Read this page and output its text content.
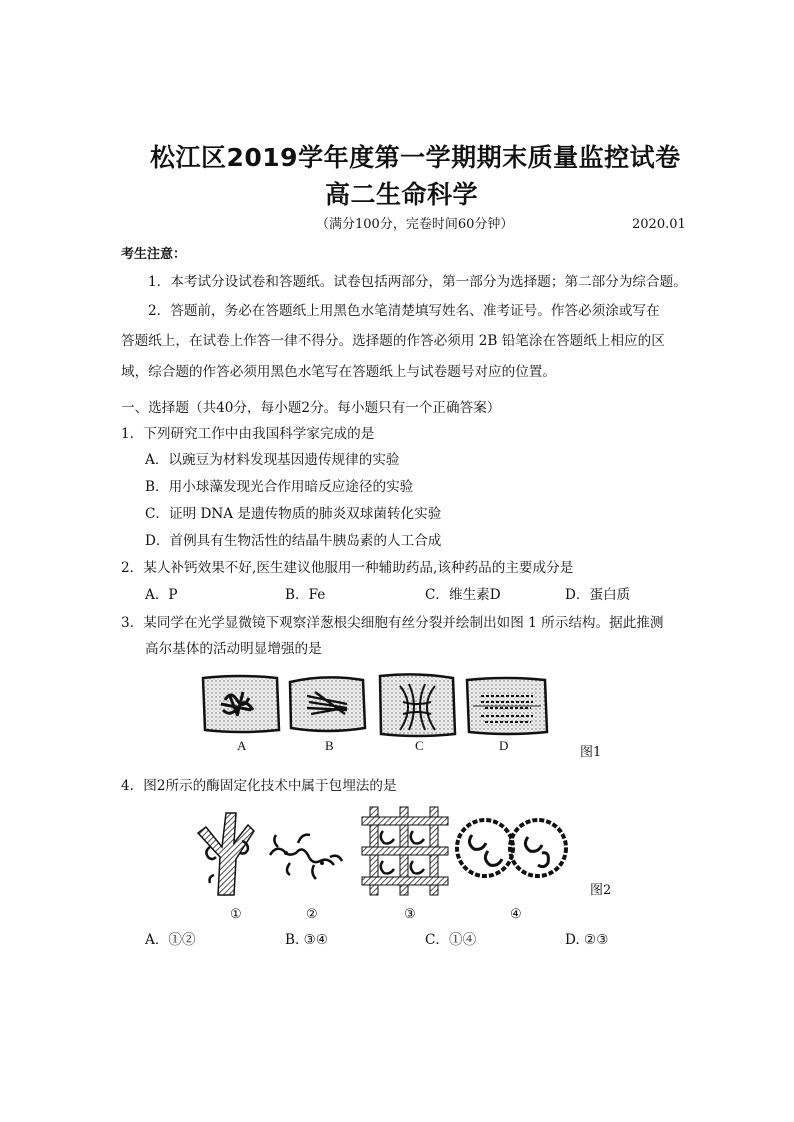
松江区2019学年度第一学期期末质量监控试卷
高二生命科学
（满分100分，完卷时间60分钟）	2020.01
考生注意：
1．本考试分设试卷和答题纸。试卷包括两部分，第一部分为选择题；第二部分为综合题。
2．答题前，务必在答题纸上用黑色水笔清楚填写姓名、准考证号。作答必须涂或写在
答题纸上，在试卷上作答一律不得分。选择题的作答必须用 2B 铅笔涂在答题纸上相应的区
域，综合题的作答必须用黑色水笔写在答题纸上与试卷题号对应的位置。
一、选择题（共40分，每小题2分。每小题只有一个正确答案）
1．下列研究工作中由我国科学家完成的是
A．以豌豆为材料发现基因遗传规律的实验
B．用小球藻发现光合作用暗反应途径的实验
C．证明 DNA 是遗传物质的肺炎双球菌转化实验
D．首例具有生物活性的结晶牛胰岛素的人工合成
2．某人补钙效果不好,医生建议他服用一种辅助药品,该种药品的主要成分是
A．P	B．Fe	C．维生素D	D．蛋白质
3．某同学在光学显微镜下观察洋葱根尖细胞有丝分裂并绘制出如图 1 所示结构。据此推测
高尔基体的活动明显增强的是
A	B	C	D	图1
4．图2所示的酶固定化技术中属于包埋法的是
①	②	③	④
图2
A．①②	B. ③④	C．①④	D. ②③
